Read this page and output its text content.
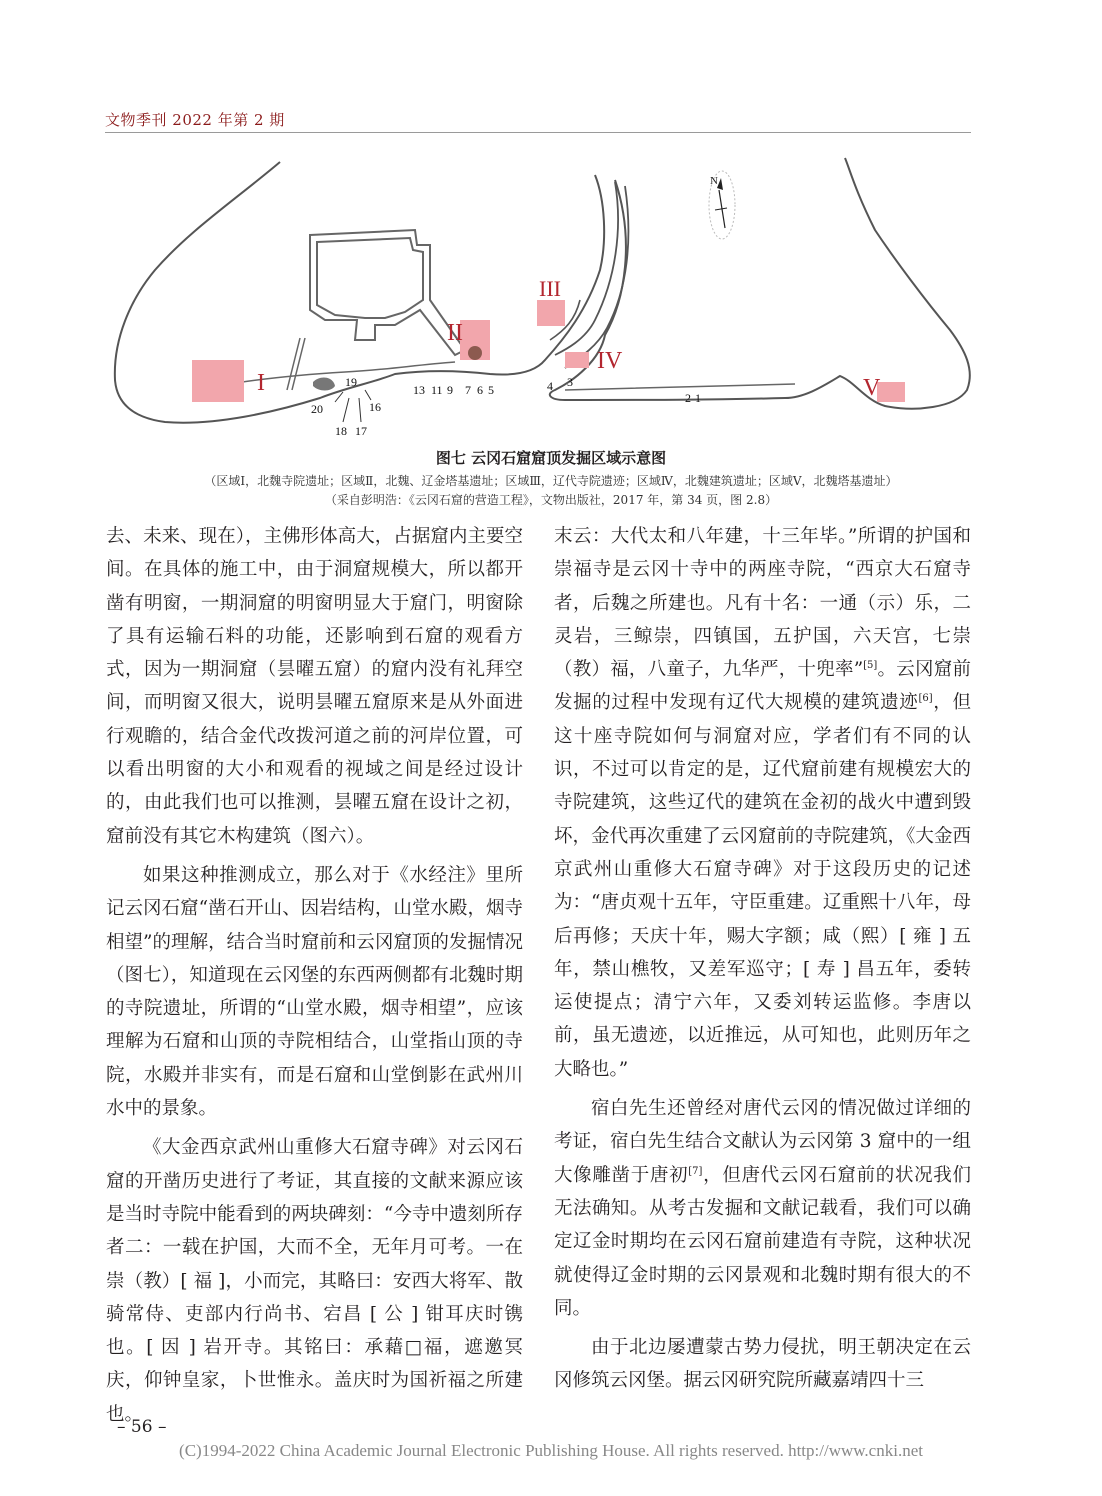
文物季刊 2022 年第 2 期
I
II
III
IV
V
19
20	16
18 17
13 11 9 7 6 5	4 3
2 1
N
图七 云冈石窟窟顶发掘区域示意图
（区域Ⅰ，北魏寺院遗址；区域Ⅱ，北魏、辽金塔基遗址；区域Ⅲ，辽代寺院遗迹；区域Ⅳ，北魏建筑遗址；区域Ⅴ，北魏塔基遗址）
（采自彭明浩：《云冈石窟的营造工程》，文物出版社，2017 年，第 34 页，图 2.8）

去、未来、现在），主佛形体高大，占据窟内主要空间。在具体的施工中，由于洞窟规模大，所以都开凿有明窗，一期洞窟的明窗明显大于窟门，明窗除了具有运输石料的功能，还影响到石窟的观看方式，因为一期洞窟（昙曜五窟）的窟内没有礼拜空间，而明窗又很大，说明昙曜五窟原来是从外面进行观瞻的，结合金代改拨河道之前的河岸位置，可以看出明窗的大小和观看的视域之间是经过设计的，由此我们也可以推测，昙曜五窟在设计之初，窟前没有其它木构建筑（图六）。

如果这种推测成立，那么对于《水经注》里所记云冈石窟“凿石开山、因岩结构，山堂水殿，烟寺相望”的理解，结合当时窟前和云冈窟顶的发掘情况（图七），知道现在云冈堡的东西两侧都有北魏时期的寺院遗址，所谓的“山堂水殿，烟寺相望”，应该理解为石窟和山顶的寺院相结合，山堂指山顶的寺院，水殿并非实有，而是石窟和山堂倒影在武州川水中的景象。

《大金西京武州山重修大石窟寺碑》对云冈石窟的开凿历史进行了考证，其直接的文献来源应该是当时寺院中能看到的两块碑刻：“今寺中遗刻所存者二：一载在护国，大而不全，无年月可考。一在崇（教）[ 福 ]，小而完，其略曰：安西大将军、散骑常侍、吏部内行尚书、宕昌 [ 公 ] 钳耳庆时镌也。[ 因 ] 岩开寺。其铭曰：承藉□福，遮邀冥庆，仰钟皇家，卜世惟永。盖庆时为国祈福之所建也。

末云：大代太和八年建，十三年毕。”所谓的护国和崇福寺是云冈十寺中的两座寺院，“西京大石窟寺者，后魏之所建也。凡有十名：一通（示）乐，二灵岩，三鲸崇，四镇国，五护国，六天宫，七崇（教）福，八童子，九华严，十兜率”[5]。云冈窟前发掘的过程中发现有辽代大规模的建筑遗迹[6]，但这十座寺院如何与洞窟对应，学者们有不同的认识，不过可以肯定的是，辽代窟前建有规模宏大的寺院建筑，这些辽代的建筑在金初的战火中遭到毁坏，金代再次重建了云冈窟前的寺院建筑，《大金西京武州山重修大石窟寺碑》对于这段历史的记述为：“唐贞观十五年，守臣重建。辽重熙十八年，母后再修；天庆十年，赐大字额；咸（熙）[ 雍 ] 五年，禁山樵牧，又差军巡守；[ 寿 ] 昌五年，委转运使提点；清宁六年，又委刘转运监修。李唐以前，虽无遗迹，以近推远，从可知也，此则历年之大略也。”

宿白先生还曾经对唐代云冈的情况做过详细的考证，宿白先生结合文献认为云冈第 3 窟中的一组大像雕凿于唐初[7]，但唐代云冈石窟前的状况我们无法确知。从考古发掘和文献记载看，我们可以确定辽金时期均在云冈石窟前建造有寺院，这种状况就使得辽金时期的云冈景观和北魏时期有很大的不同。

由于北边屡遭蒙古势力侵扰，明王朝决定在云冈修筑云冈堡。据云冈研究院所藏嘉靖四十三

– 56 –
(C)1994-2022 China Academic Journal Electronic Publishing House. All rights reserved. http://www.cnki.net
